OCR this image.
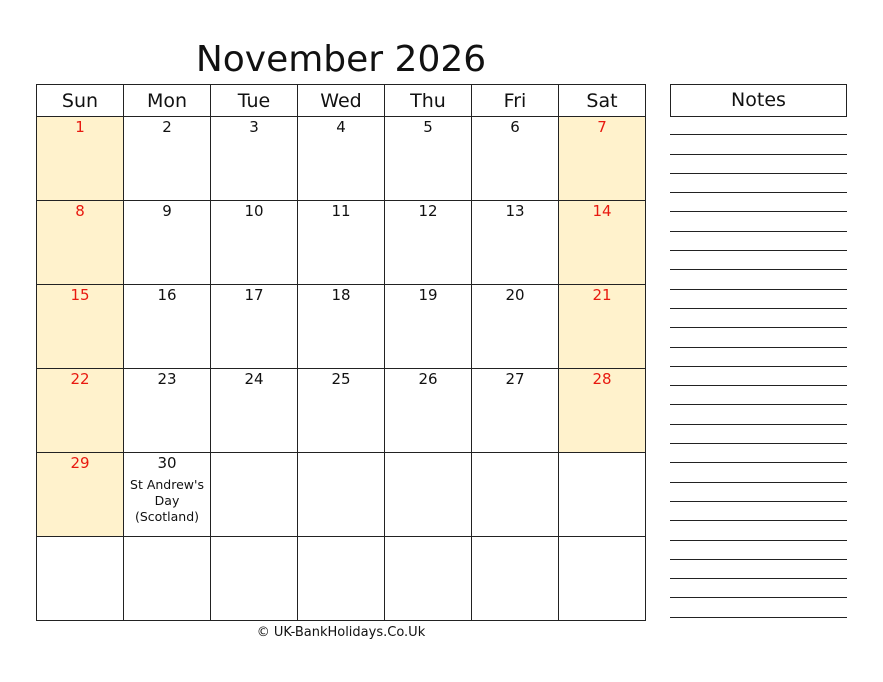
November 2026
Sun	Mon	Tue	Wed	Thu	Fri	Sat

1	2	3	4	5	6	7

8	9	10	11	12	13	14

15	16	17	18	19	20	21

22	23	24	25	26	27	28

29	30
St Andrew's Day (Scotland)					

© UK-BankHolidays.Co.Uk
Notes
